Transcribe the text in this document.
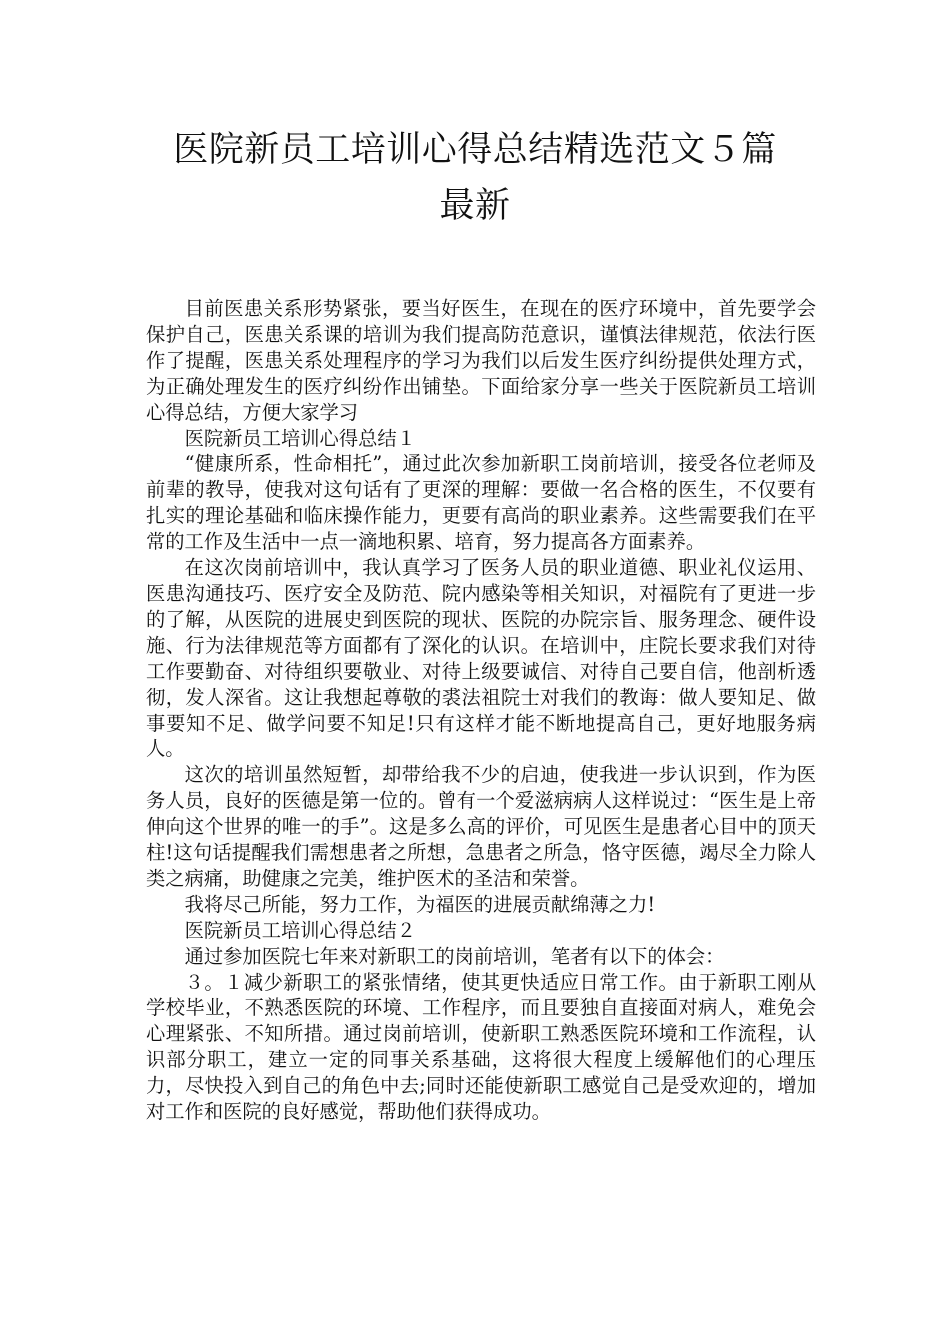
医院新员工培训心得总结精选范文５篇
最新

目前医患关系形势紧张，要当好医生，在现在的医疗环境中，首先要学会保护自己，医患关系课的培训为我们提高防范意识，谨慎法律规范，依法行医作了提醒，医患关系处理程序的学习为我们以后发生医疗纠纷提供处理方式，为正确处理发生的医疗纠纷作出铺垫。下面给家分享一些关于医院新员工培训心得总结，方便大家学习

医院新员工培训心得总结１

“健康所系，性命相托”，通过此次参加新职工岗前培训，接受各位老师及前辈的教导，使我对这句话有了更深的理解：要做一名合格的医生，不仅要有扎实的理论基础和临床操作能力，更要有高尚的职业素养。这些需要我们在平常的工作及生活中一点一滴地积累、培育，努力提高各方面素养。

在这次岗前培训中，我认真学习了医务人员的职业道德、职业礼仪运用、医患沟通技巧、医疗安全及防范、院内感染等相关知识，对福院有了更进一步的了解，从医院的进展史到医院的现状、医院的办院宗旨、服务理念、硬件设施、行为法律规范等方面都有了深化的认识。在培训中，庄院长要求我们对待工作要勤奋、对待组织要敬业、对待上级要诚信、对待自己要自信，他剖析透彻，发人深省。这让我想起尊敬的裘法祖院士对我们的教诲：做人要知足、做事要知不足、做学问要不知足!只有这样才能不断地提高自己，更好地服务病人。

这次的培训虽然短暂，却带给我不少的启迪，使我进一步认识到，作为医务人员，良好的医德是第一位的。曾有一个爱滋病病人这样说过：“医生是上帝伸向这个世界的唯一的手”。这是多么高的评价，可见医生是患者心目中的顶天柱!这句话提醒我们需想患者之所想，急患者之所急，恪守医德，竭尽全力除人类之病痛，助健康之完美，维护医术的圣洁和荣誉。

我将尽己所能，努力工作，为福医的进展贡献绵薄之力!

医院新员工培训心得总结２

通过参加医院七年来对新职工的岗前培训，笔者有以下的体会：

３。１减少新职工的紧张情绪，使其更快适应日常工作。由于新职工刚从学校毕业，不熟悉医院的环境、工作程序，而且要独自直接面对病人，难免会心理紧张、不知所措。通过岗前培训，使新职工熟悉医院环境和工作流程，认识部分职工，建立一定的同事关系基础，这将很大程度上缓解他们的心理压力，尽快投入到自己的角色中去;同时还能使新职工感觉自己是受欢迎的，增加对工作和医院的良好感觉，帮助他们获得成功。
